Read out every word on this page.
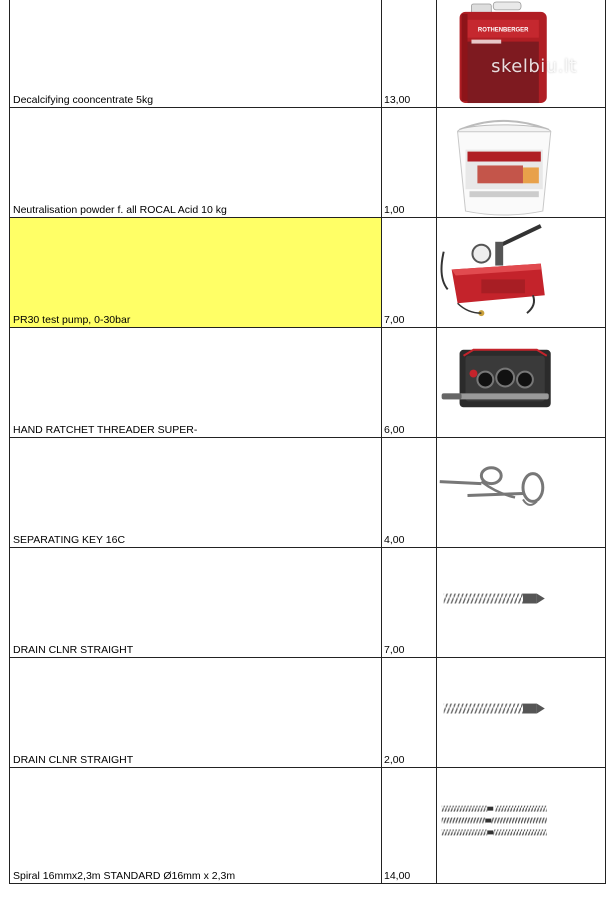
Decalcifying cooncentrate 5kg	13,00
ROTHENBERGER
skelbiu.lt
Neutralisation powder f. all ROCAL Acid 10 kg	1,00
PR30 test pump, 0-30bar	7,00
HAND RATCHET THREADER SUPER-	6,00
SEPARATING KEY 16C	4,00
DRAIN CLNR STRAIGHT	7,00
DRAIN CLNR STRAIGHT	2,00
Spiral 16mmx2,3m STANDARD Ø16mm x 2,3m	14,00
